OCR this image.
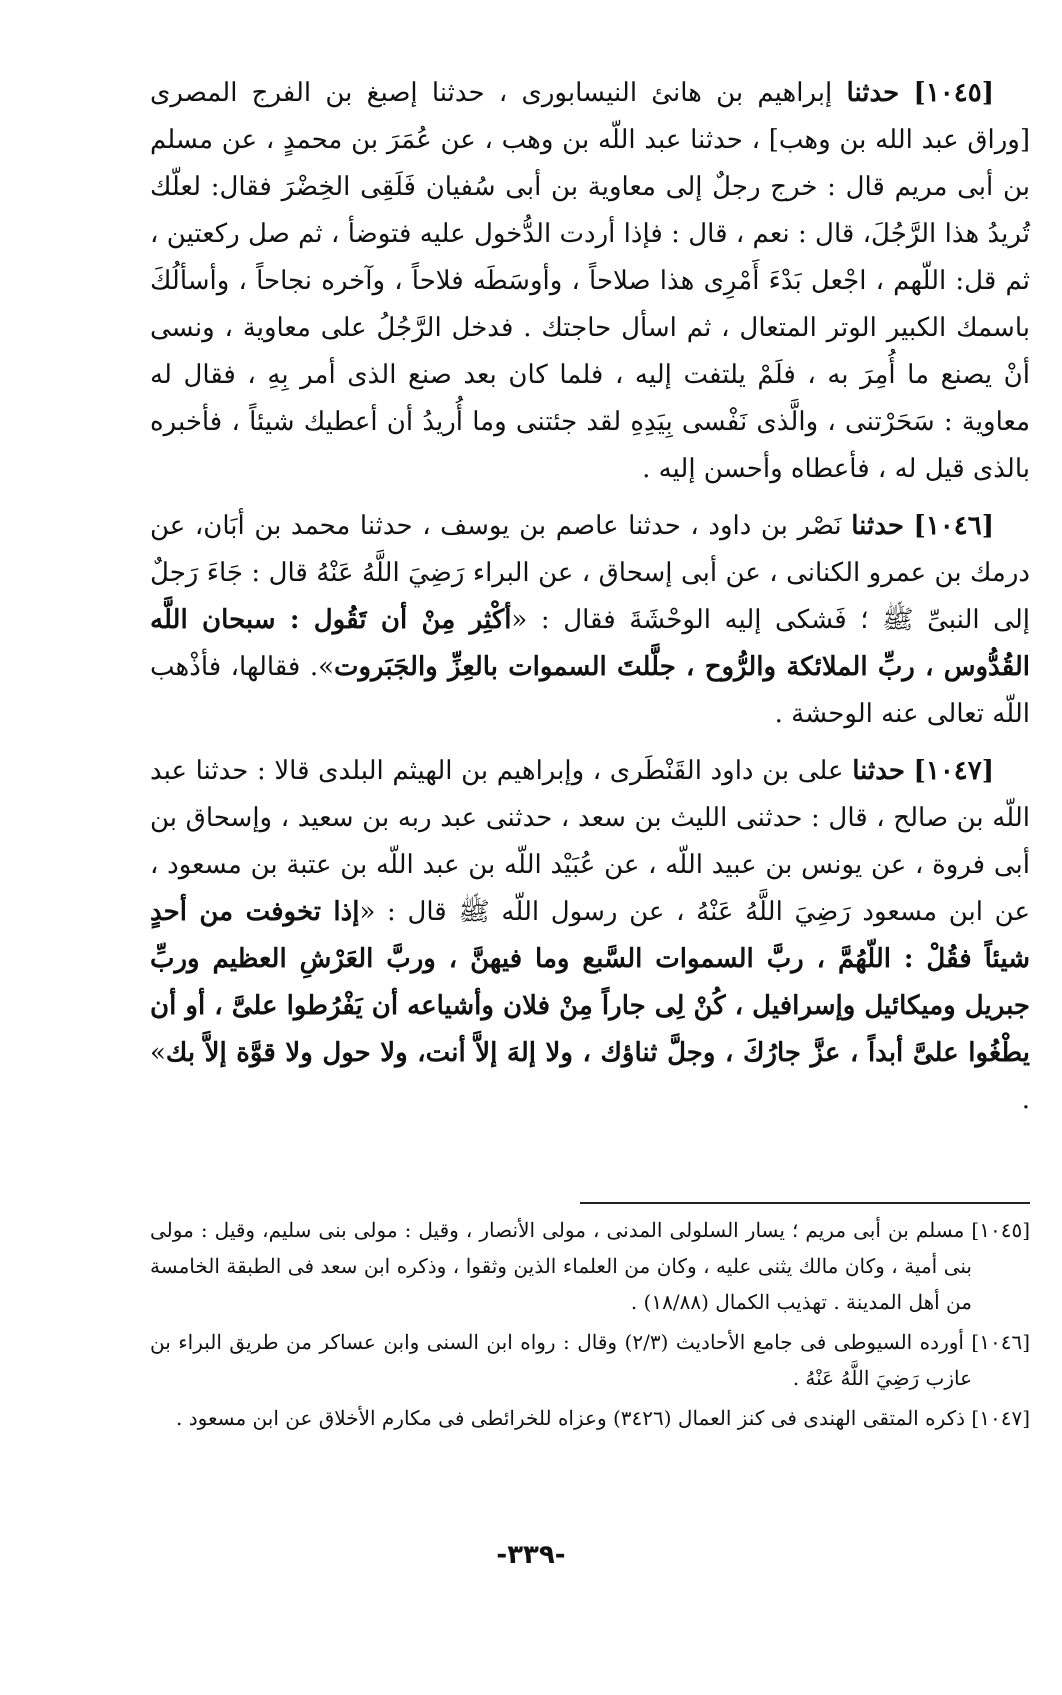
[١٠٤٥] حدثنا إبراهيم بن هانئ النيسابورى ، حدثنا إصبغ بن الفرج المصرى [وراق عبد الله بن وهب] ، حدثنا عبد اللّه بن وهب ، عن عُمَرَ بن محمدٍ ، عن مسلم بن أبى مريم قال : خرج رجلٌ إلى معاوية بن أبى سُفيان فَلَقِى الخِضْرَ فقال: لعلّك تُريدُ هذا الرَّجُلَ، قال : نعم ، قال : فإذا أردت الدُّخول عليه فتوضأ ، ثم صل ركعتين ، ثم قل: اللّهم ، اجْعل بَدْءَ أَمْرِى هذا صلاحاً ، وأوسَطَه فلاحاً ، وآخره نجاحاً ، وأسألُكَ باسمك الكبير الوتر المتعال ، ثم اسأل حاجتك . فدخل الرَّجُلُ على معاوية ، ونسى أنْ يصنع ما أُمِرَ به ، فلَمْ يلتفت إليه ، فلما كان بعد صنع الذى أمر بِهِ ، فقال له معاوية : سَحَرْتنى ، والَّذى نَفْسى بِيَدِهِ لقد جئتنى وما أُريدُ أن أعطيك شيئاً ، فأخبره بالذى قيل له ، فأعطاه وأحسن إليه .

[١٠٤٦] حدثنا نَصْر بن داود ، حدثنا عاصم بن يوسف ، حدثنا محمد بن أبَان، عن درمك بن عمرو الكنانى ، عن أبى إسحاق ، عن البراء رَضِيَ اللَّهُ عَنْهُ قال : جَاءَ رَجلٌ إلى النبىِّ ﷺ ؛ فَشكى إليه الوحْشَةَ فقال : «أكْثِر مِنْ أن تَقُول : سبحان اللَّه القُدُّوس ، ربِّ الملائكة والرُّوح ، جلَّلتَ السموات بالعِزِّ والجَبَروت». فقالها، فأذْهب اللّه تعالى عنه الوحشة .

[١٠٤٧] حدثنا على بن داود القَنْطَرى ، وإبراهيم بن الهيثم البلدى قالا : حدثنا عبد اللّه بن صالح ، قال : حدثنى الليث بن سعد ، حدثنى عبد ربه بن سعيد ، وإسحاق بن أبى فروة ، عن يونس بن عبيد اللّه ، عن عُبَيْد اللّه بن عبد اللّه بن عتبة بن مسعود ، عن ابن مسعود رَضِيَ اللَّهُ عَنْهُ ، عن رسول اللّه ﷺ قال : «إذا تخوفت من أحدٍ شيئاً فقُلْ : اللّهُمَّ ، ربَّ السموات السَّبع وما فيهنَّ ، وربَّ العَرْشِ العظيم وربِّ جبريل وميكائيل وإسرافيل ، كُنْ لِى جاراً مِنْ فلان وأشياعه أن يَفْرُطوا علىَّ ، أو أن يطْغُوا علىَّ أبداً ، عزَّ جارُكَ ، وجلَّ ثناؤك ، ولا إلهَ إلاَّ أنت، ولا حول ولا قوَّة إلاَّ بك» .

[١٠٤٥] مسلم بن أبى مريم ؛ يسار السلولى المدنى ، مولى الأنصار ، وقيل : مولى بنى سليم، وقيل : مولى بنى أمية ، وكان مالك يثنى عليه ، وكان من العلماء الذين وثقوا ، وذكره ابن سعد فى الطبقة الخامسة من أهل المدينة . تهذيب الكمال (١٨/٨٨) .

[١٠٤٦] أورده السيوطى فى جامع الأحاديث (٢/٣) وقال : رواه ابن السنى وابن عساكر من طريق البراء بن عازب رَضِيَ اللَّهُ عَنْهُ .

[١٠٤٧] ذكره المتقى الهندى فى كنز العمال (٣٤٢٦) وعزاه للخرائطى فى مكارم الأخلاق عن ابن مسعود .

-٣٣٩-
